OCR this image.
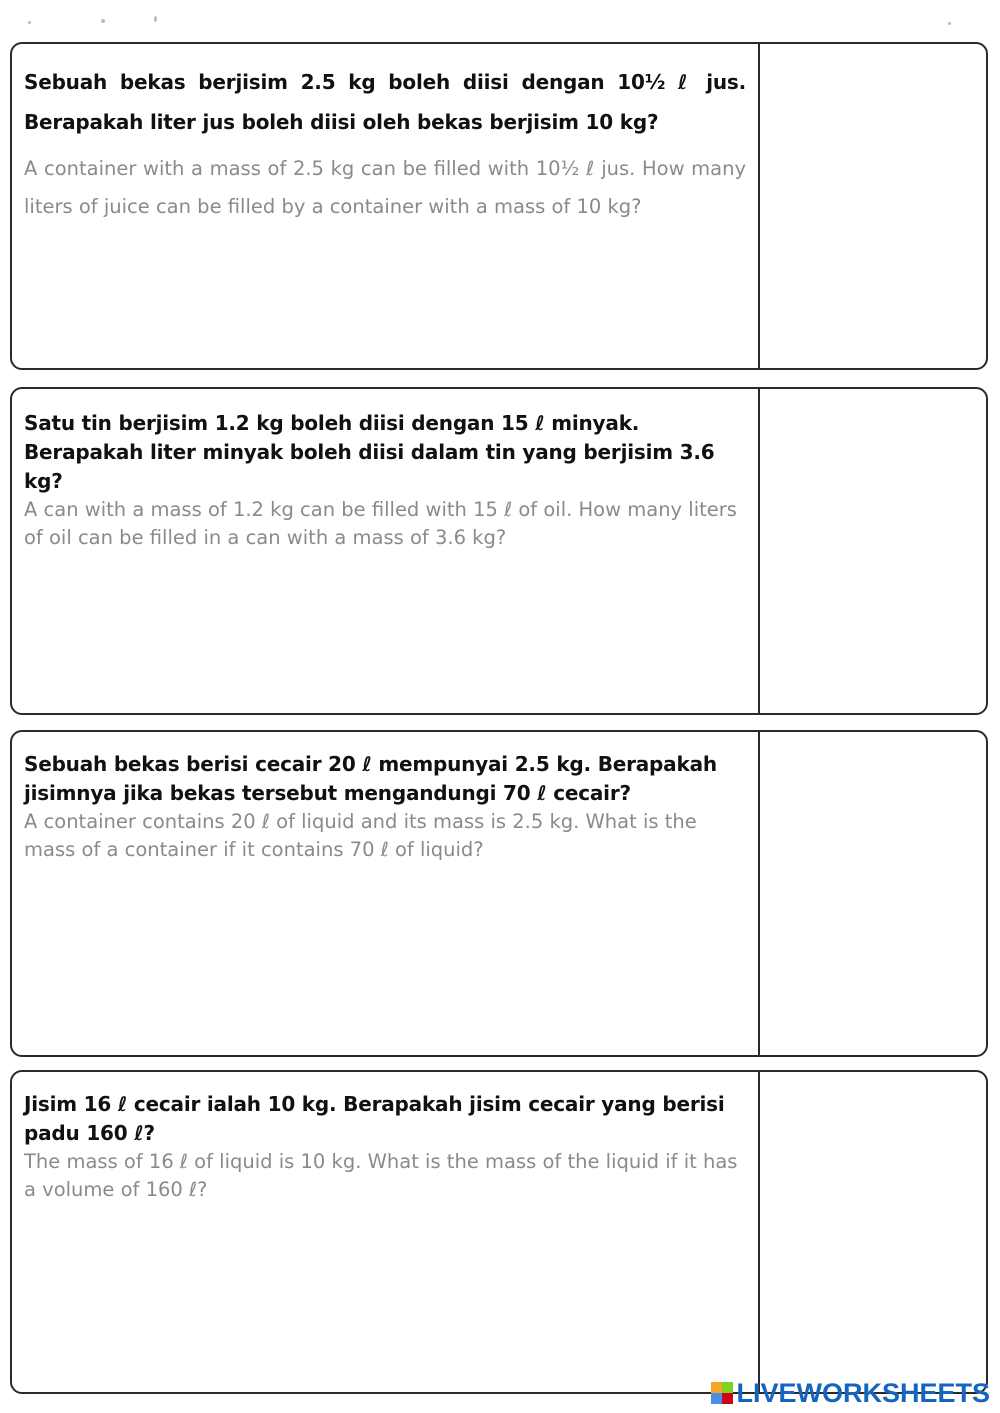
Sebuah bekas berjisim 2.5 kg boleh diisi dengan 10½ ℓ jus. Berapakah liter jus boleh diisi oleh bekas berjisim 10 kg?
A container with a mass of 2.5 kg can be filled with 10½ ℓ jus. How many liters of juice can be filled by a container with a mass of 10 kg?
Satu tin berjisim 1.2 kg boleh diisi dengan 15 ℓ minyak. Berapakah liter minyak boleh diisi dalam tin yang berjisim 3.6 kg?
A can with a mass of 1.2 kg can be filled with 15 ℓ of oil. How many liters of oil can be filled in a can with a mass of 3.6 kg?
Sebuah bekas berisi cecair 20 ℓ mempunyai 2.5 kg. Berapakah jisimnya jika bekas tersebut mengandungi 70 ℓ cecair?
A container contains 20 ℓ of liquid and its mass is 2.5 kg. What is the mass of a container if it contains 70 ℓ of liquid?
Jisim 16 ℓ cecair ialah 10 kg. Berapakah jisim cecair yang berisi padu 160 ℓ?
The mass of 16 ℓ of liquid is 10 kg. What is the mass of the liquid if it has a volume of 160 ℓ?
LIVEWORKSHEETS
